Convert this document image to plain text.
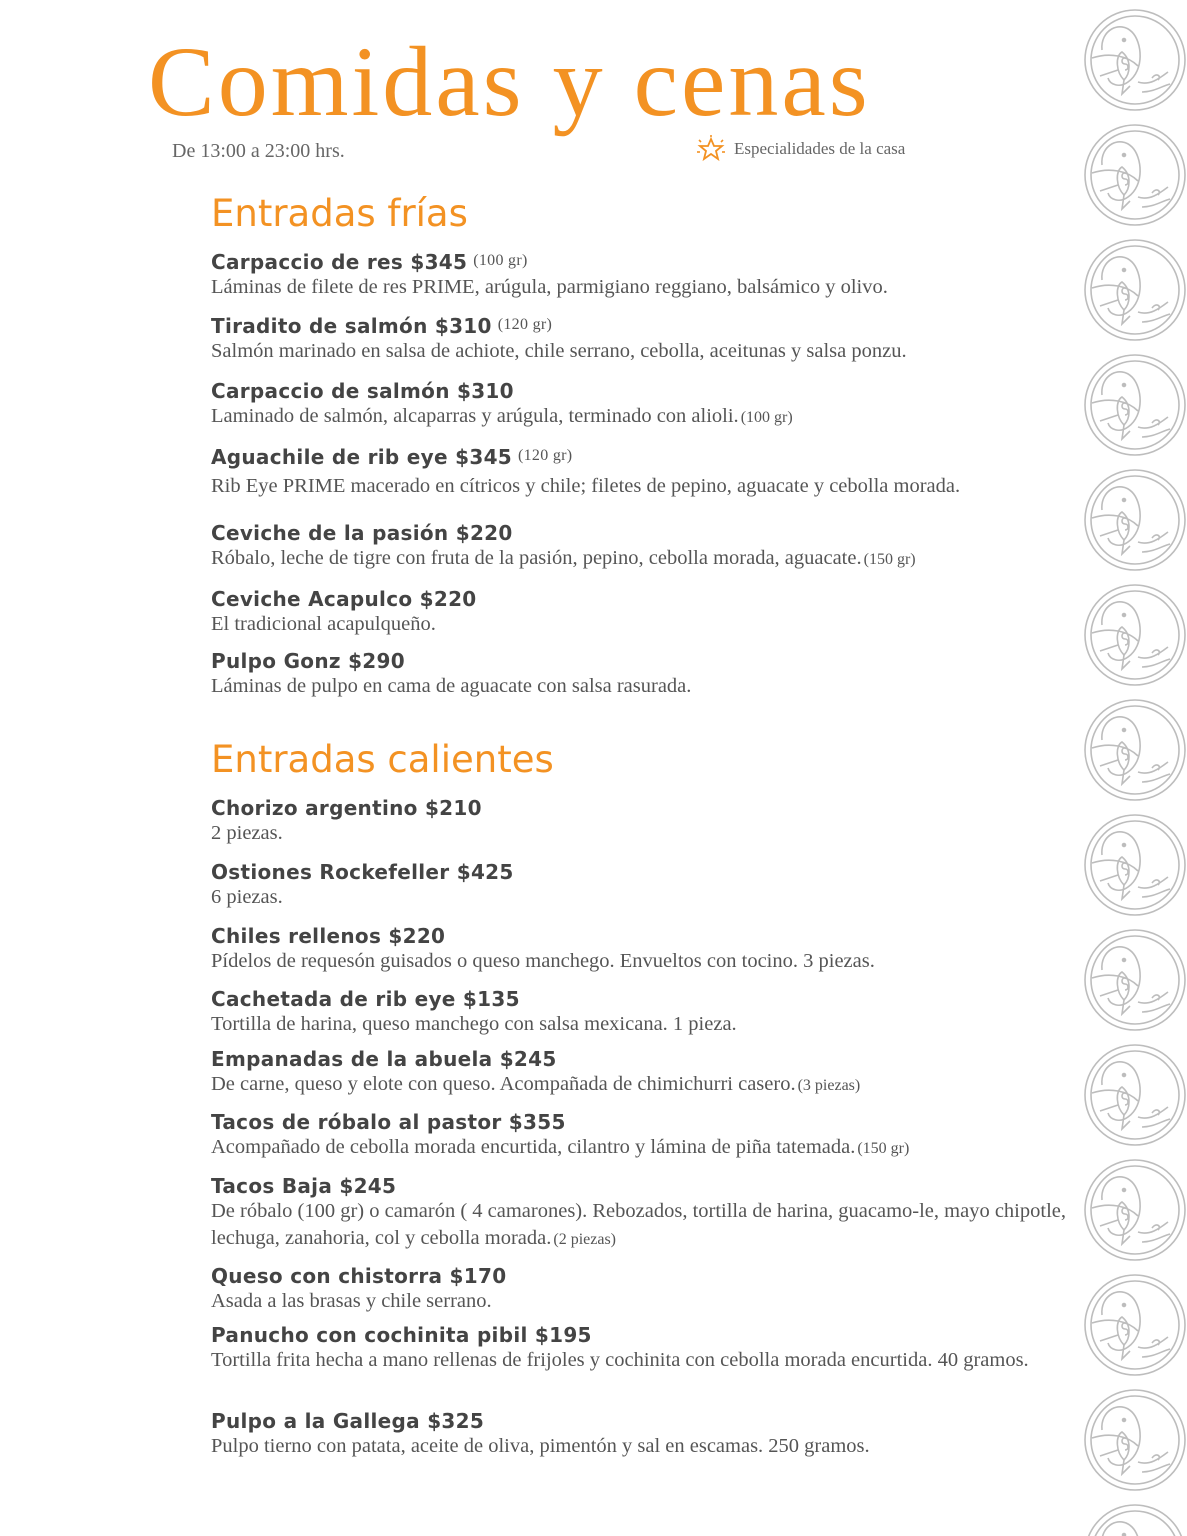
Comidas y cenas
De 13:00 a 23:00 hrs.	Especialidades de la casa
Entradas frías
Carpaccio de res $345 $^{(100 gr)}$
Láminas de filete de res PRIME, arúgula, parmigiano reggiano, balsámico y olivo.
Tiradito de salmón $310 $^{(120 gr)}$
Salmón marinado en salsa de achiote, chile serrano, cebolla, aceitunas y salsa ponzu.
Carpaccio de salmón $310
Laminado de salmón, alcaparras y arúgula, terminado con alioli. (100 gr)
Aguachile de rib eye $345 $^{(120 gr)}$
Rib Eye PRIME macerado en cítricos y chile; filetes de pepino, aguacate y cebolla morada.
Ceviche de la pasión $220
Róbalo, leche de tigre con fruta de la pasión, pepino, cebolla morada, aguacate. (150 gr)
Ceviche Acapulco $220
El tradicional acapulqueño.
Pulpo Gonz $290
Láminas de pulpo en cama de aguacate con salsa rasurada.
Entradas calientes
Chorizo argentino $210
2 piezas.
Ostiones Rockefeller $425
6 piezas.
Chiles rellenos $220
Pídelos de requesón guisados o queso manchego. Envueltos con tocino. 3 piezas.
Cachetada de rib eye $135
Tortilla de harina, queso manchego con salsa mexicana. 1 pieza.
Empanadas de la abuela $245
De carne, queso y elote con queso. Acompañada de chimichurri casero. (3 piezas)
Tacos de róbalo al pastor $355
Acompañado de cebolla morada encurtida, cilantro y lámina de piña tatemada. (150 gr)
Tacos Baja $245
De róbalo (100 gr) o camarón ( 4 camarones). Rebozados, tortilla de harina, guacamo-le, mayo chipotle, lechuga, zanahoria, col y cebolla morada. (2 piezas)
Queso con chistorra $170
Asada a las brasas y chile serrano.
Panucho con cochinita pibil $195
Tortilla frita hecha a mano rellenas de frijoles y cochinita con cebolla morada encurtida. 40 gramos.
Pulpo a la Gallega $325
Pulpo tierno con patata, aceite de oliva, pimentón y sal en escamas. 250 gramos.
